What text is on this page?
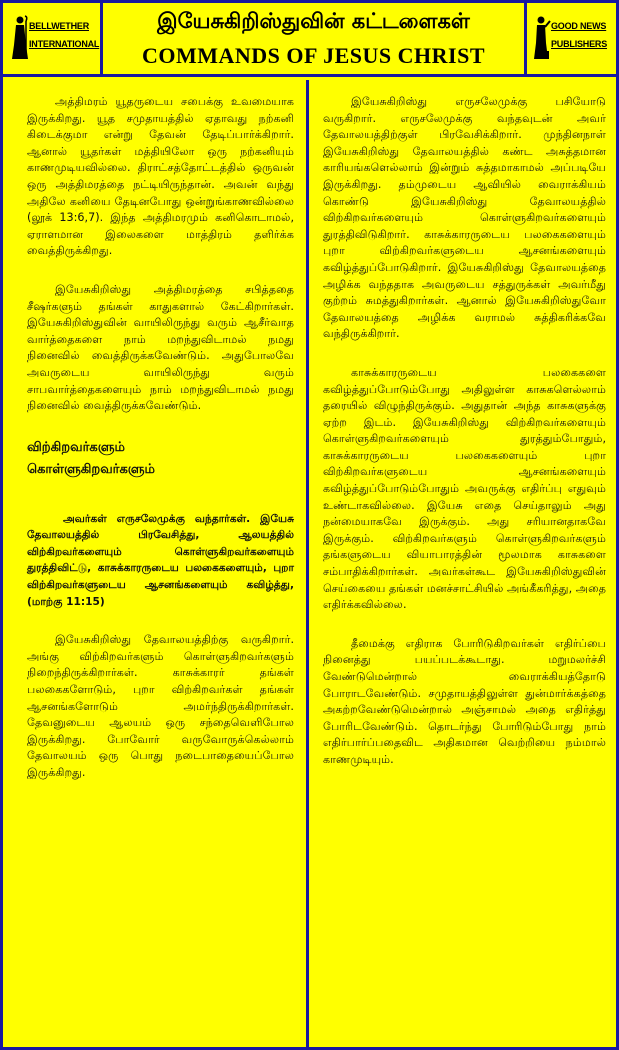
BELLWETHER
INTERNATIONAL
இயேசுகிறிஸ்துவின் கட்டளைகள்
COMMANDS OF JESUS CHRIST
GOOD NEWS
PUBLISHERS

அத்திமரம் யூதருடைய சபைக்கு உவமையாக இருக்கிறது. யூத சமுதாயத்தில் ஏதாவது நற்கனி கிடைக்குமா என்று தேவன் தேடிப்பார்க்கிறார். ஆனால் யூதர்கள் மத்தியிலோ ஒரு நற்கனியும் காணமுடியவில்லை. திராட்சத்தோட்டத்தில் ஒருவன் ஒரு அத்திமரத்தை நட்டியிருந்தான். அவன் வந்து அதிலே கனியை தேடினபோது ஒன்றுங்காணவில்லை (லூக் 13:6,7). இந்த அத்திமரமும் கனிகொடாமல், ஏராளமான இலைகளை மாத்திரம் தளிர்க்க வைத்திருக்கிறது.

இயேசுகிறிஸ்து அத்திமரத்தை சபித்ததை சீஷர்களும் தங்கள் காதுகளால் கேட்கிறார்கள். இயேசுகிறிஸ்துவின் வாயிலிருந்து வரும் ஆசீர்வாத வார்த்தைகளை நாம் மறந்துவிடாமல் நமது நினைவில் வைத்திருக்கவேண்டும். அதுபோலவே அவருடைய வாயிலிருந்து வரும் சாபவார்த்தைகளையும் நாம் மறந்துவிடாமல் நமது நினைவில் வைத்திருக்கவேண்டும்.

விற்கிறவர்களும்
கொள்ளுகிறவர்களும்

அவர்கள் எருசலேமுக்கு வந்தார்கள். இயேசு தேவாலயத்தில் பிரவேசித்து, ஆலயத்தில் விற்கிறவர்களையும் கொள்ளுகிறவர்களையும் துரத்திவிட்டு, காசுக்காரருடைய பலகைகளையும், புறா விற்கிறவர்களுடைய ஆசனங்களையும் கவிழ்த்து, (மாற்கு 11:15)

இயேசுகிறிஸ்து தேவாலயத்திற்கு வருகிறார். அங்கு விற்கிறவர்களும் கொள்ளுகிறவர்களும் நிறைந்திருக்கிறார்கள். காசுக்காரர் தங்கள் பலகைகளோடும், புறா விற்கிறவர்கள் தங்கள் ஆசனங்களோடும் அமர்ந்திருக்கிறார்கள். தேவனுடைய ஆலயம் ஒரு சந்தைவெளிபோல இருக்கிறது. போவோர் வருவோருக்கெல்லாம் தேவாலயம் ஒரு பொது நடைபாதையைப்போல இருக்கிறது.

இயேசுகிறிஸ்து எருசலேமுக்கு பசியோடு வருகிறார். எருசலேமுக்கு வந்தவுடன் அவர் தேவாலயத்திற்குள் பிரவேசிக்கிறார். முந்தினநாள் இயேசுகிறிஸ்து தேவாலயத்தில் கண்ட அசுத்தமான காரியங்களெல்லாம் இன்றும் சுத்தமாகாமல் அப்படியே இருக்கிறது. தம்முடைய ஆவியில் வைராக்கியம் கொண்டு இயேசுகிறிஸ்து தேவாலயத்தில் விற்கிறவர்களையும் கொள்ளுகிறவர்களையும் துரத்திவிடுகிறார். காசுக்காரருடைய பலகைகளையும் புறா விற்கிறவர்களுடைய ஆசனங்களையும் கவிழ்த்துப்போடுகிறார். இயேசுகிறிஸ்து தேவாலயத்தை அழிக்க வந்ததாக அவருடைய சத்துருக்கள் அவர்மீது குற்றம் சுமத்துகிறார்கள். ஆனால் இயேசுகிறிஸ்துவோ தேவாலயத்தை அழிக்க வராமல் சுத்திகரிக்கவே வந்திருக்கிறார்.

காசுக்காரருடைய பலகைகளை கவிழ்த்துப்போடும்போது அதிலுள்ள காசுகளெல்லாம் தரையில் விழுந்திருக்கும். அதுதான் அந்த காசுகளுக்கு ஏற்ற இடம். இயேசுகிறிஸ்து விற்கிறவர்களையும் கொள்ளுகிறவர்களையும் துரத்தும்போதும், காசுக்காரருடைய பலகைகளையும் புறா விற்கிறவர்களுடைய ஆசனங்களையும் கவிழ்த்துப்போடும்போதும் அவருக்கு எதிர்ப்பு எதுவும் உண்டாகவில்லை. இயேசு எதை செய்தாலும் அது நன்மையாகவே இருக்கும். அது சரியானதாகவே இருக்கும். விற்கிறவர்களும் கொள்ளுகிறவர்களும் தங்களுடைய வியாபாரத்தின் மூலமாக காசுகளை சம்பாதிக்கிறார்கள். அவர்கள்கூட இயேசுகிறிஸ்துவின் செய்கையை தங்கள் மனச்சாட்சியில் அங்கீகரித்து, அதை எதிர்க்கவில்லை.

தீமைக்கு எதிராக போரிடுகிறவர்கள் எதிர்ப்பை நினைத்து பயப்படக்கூடாது. மறுமலர்ச்சி வேண்டுமென்றால் வைராக்கியத்தோடு போராடவேண்டும். சமுதாயத்திலுள்ள துன்மார்க்கத்தை அகற்றவேண்டுமென்றால் அஞ்சாமல் அதை எதிர்த்து போரிடவேண்டும். தொடர்ந்து போரிடும்போது நாம் எதிர்பார்ப்பதைவிட அதிகமான வெற்றியை நம்மால் காணமுடியும்.
